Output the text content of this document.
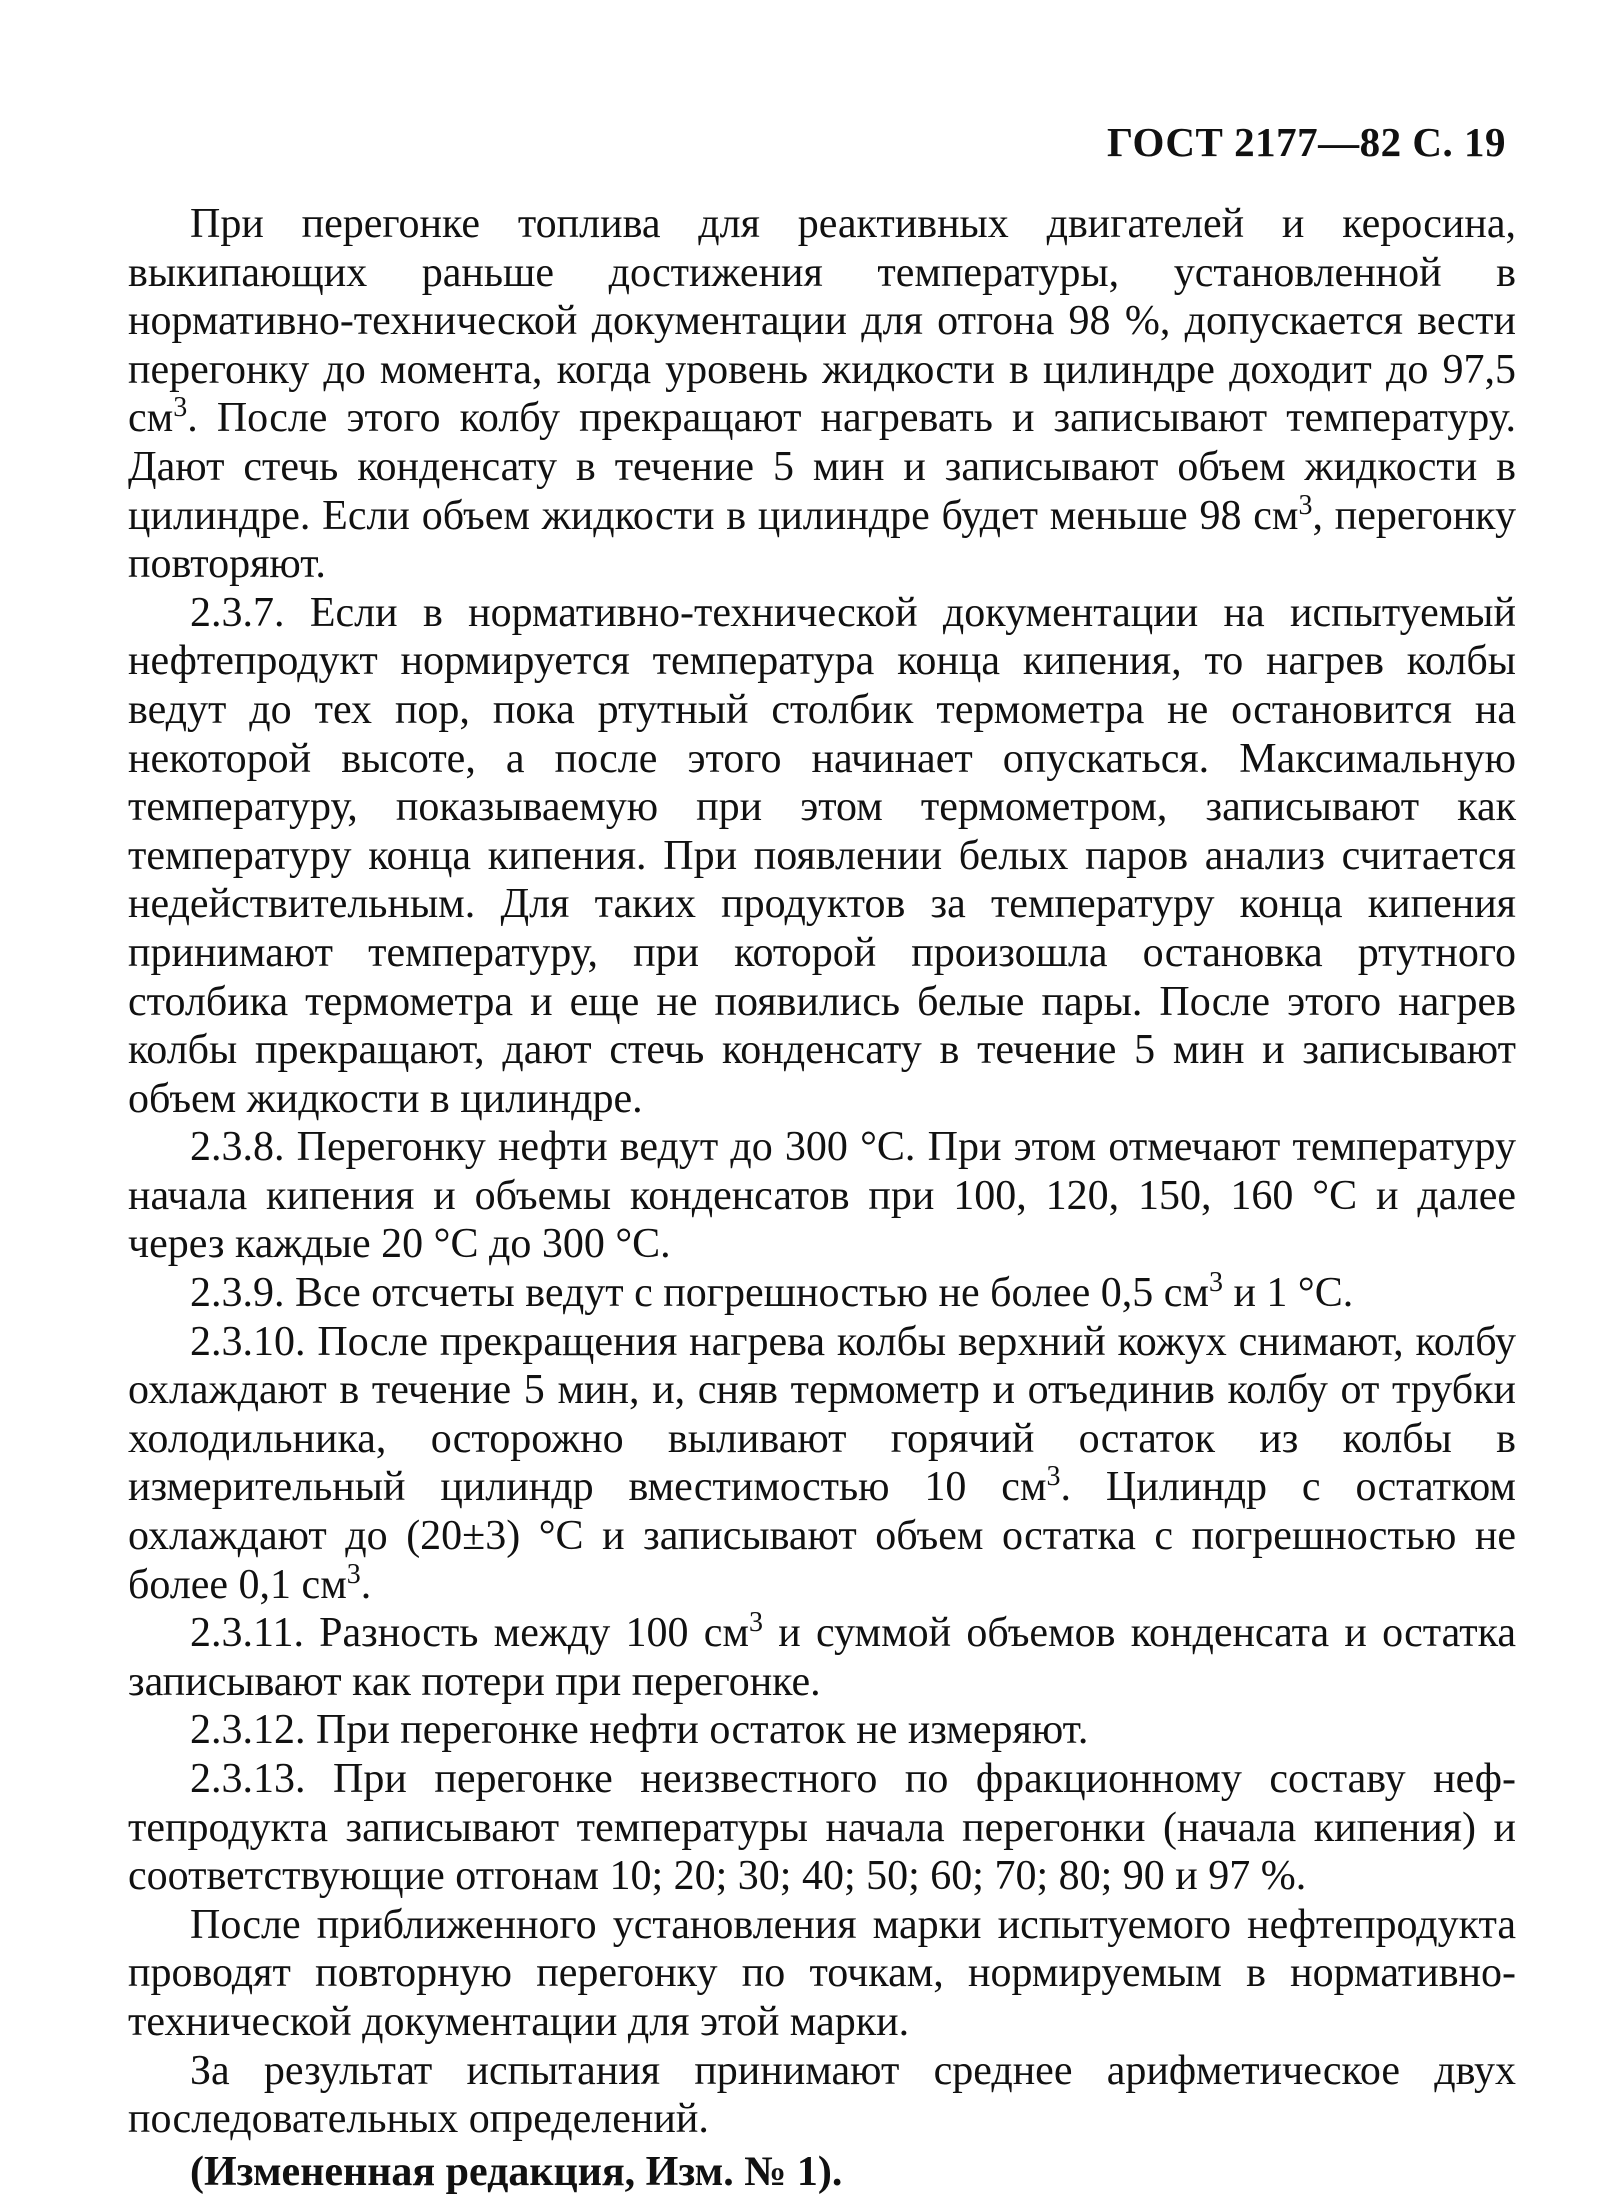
ГОСТ 2177—82 С. 19

При перегонке топлива для реактивных двигателей и керосина, выкипающих раньше достижения температуры, установленной в нормативно-технической документации для отгона 98 %, допускается вести перегонку до момента, когда уровень жидкости в цилиндре доходит до 97,5 $см^3$. После этого колбу прекращают нагревать и записывают температуру. Дают стечь конденсату в течение 5 мин и записывают объем жидкости в цилиндре. Если объем жидкости в цилиндре будет меньше 98 $см^3$, перегонку повторяют.

2.3.7. Если в нормативно-технической документации на испытуемый нефтепродукт нормируется температура конца кипения, то нагрев колбы ведут до тех пор, пока ртутный столбик термометра не остановится на некоторой высоте, а после этого начинает опускаться. Максимальную температуру, показываемую при этом термометром, записывают как температуру конца кипения. При появлении белых паров анализ считается недействительным. Для таких продуктов за температуру конца кипения принимают температуру, при которой произошла остановка ртутного столбика термометра и еще не появились белые пары. После этого нагрев колбы прекращают, дают стечь конденсату в течение 5 мин и записывают объем жидкости в цилиндре.

2.3.8. Перегонку нефти ведут до 300 °С. При этом отмечают температуру начала кипения и объемы конденсатов при 100, 120, 150, 160 °С и далее через каждые 20 °С до 300 °С.

2.3.9. Все отсчеты ведут с погрешностью не более 0,5 $см^3$ и 1 °С.

2.3.10. После прекращения нагрева колбы верхний кожух снимают, колбу охлаждают в течение 5 мин, и, сняв термометр и отъединив колбу от трубки холодильника, осторожно выливают горячий остаток из колбы в измерительный цилиндр вместимостью 10 $см^3$. Цилиндр с остатком охлаждают до (20±3) °С и записывают объем остатка с погрешностью не более 0,1 $см^3$.

2.3.11. Разность между 100 $см^3$ и суммой объемов конденсата и остатка записывают как потери при перегонке.

2.3.12. При перегонке нефти остаток не измеряют.

2.3.13. При перегонке неизвестного по фракционному составу нефтепродукта записывают температуры начала перегонки (начала кипения) и соответствующие отгонам 10; 20; 30; 40; 50; 60; 70; 80; 90 и 97 %.

После приближенного установления марки испытуемого нефтепродукта проводят повторную перегонку по точкам, нормируемым в нормативно-технической документации для этой марки.

За результат испытания принимают среднее арифметическое двух последовательных определений.

(Измененная редакция, Изм. № 1).
